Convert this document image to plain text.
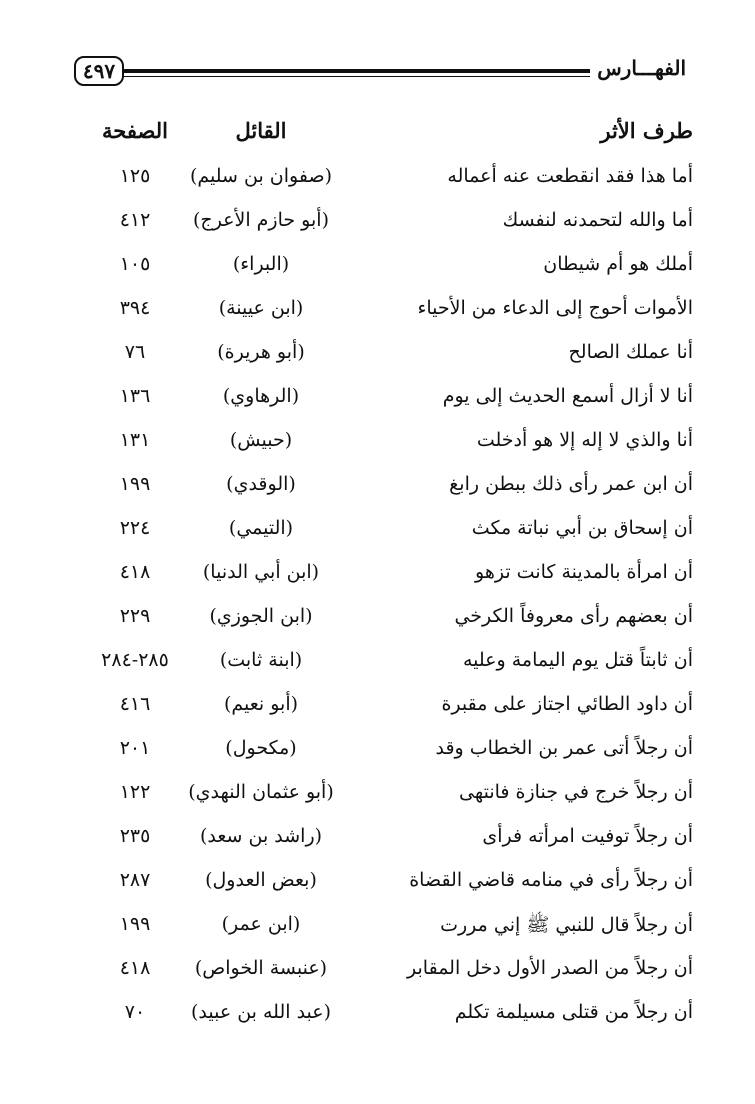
٤٩٧	الفهـــارس
طرف الأثر
القائل
الصفحة
أما هذا فقد انقطعت عنه أعماله
(صفوان بن سليم)
١٢٥
أما والله لتحمدنه لنفسك
(أبو حازم الأعرج)
٤١٢
أملك هو أم شيطان
(البراء)
١٠٥
الأموات أحوج إلى الدعاء من الأحياء
(ابن عيينة)
٣٩٤
أنا عملك الصالح
(أبو هريرة)
٧٦
أنا لا أزال أسمع الحديث إلى يوم
(الرهاوي)
١٣٦
أنا والذي لا إله إلا هو أدخلت
(حبيش)
١٣١
أن ابن عمر رأى ذلك ببطن رابغ
(الوقدي)
١٩٩
أن إسحاق بن أبي نباتة مكث
(التيمي)
٢٢٤
أن امرأة بالمدينة كانت تزهو
(ابن أبي الدنيا)
٤١٨
أن بعضهم رأى معروفاً الكرخي
(ابن الجوزي)
٢٢٩
أن ثابتاً قتل يوم اليمامة وعليه
(ابنة ثابت)
٢٨٥-٢٨٤
أن داود الطائي اجتاز على مقبرة
(أبو نعيم)
٤١٦
أن رجلاً أتى عمر بن الخطاب وقد
(مكحول)
٢٠١
أن رجلاً خرج في جنازة فانتهى
(أبو عثمان النهدي)
١٢٢
أن رجلاً توفيت امرأته فرأى
(راشد بن سعد)
٢٣٥
أن رجلاً رأى في منامه قاضي القضاة
(بعض العدول)
٢٨٧
أن رجلاً قال للنبي ﷺ إني مررت
(ابن عمر)
١٩٩
أن رجلاً من الصدر الأول دخل المقابر
(عنبسة الخواص)
٤١٨
أن رجلاً من قتلى مسيلمة تكلم
(عبد الله بن عبيد)
٧٠
